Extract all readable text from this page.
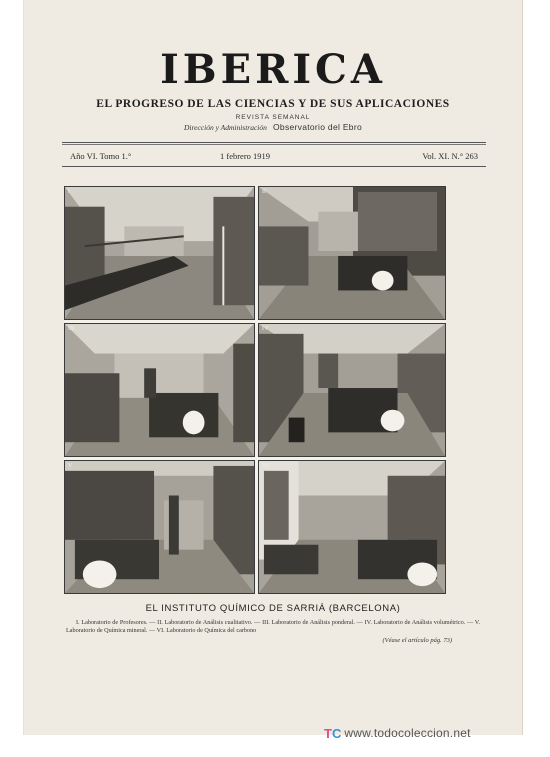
IBERICA
EL PROGRESO DE LAS CIENCIAS Y DE SUS APLICACIONES
REVISTA SEMANAL
Dirección y Administración Observatorio del Ebro
Año VI. Tomo 1.°	1 febrero 1919	Vol. XI. N.° 263
I	II
III	IV
V	VI
EL INSTITUTO QUÍMICO DE SARRIÁ (BARCELONA)
I. Laboratorio de Profesores. — II. Laboratorio de Análisis cualitativo. — III. Laboratorio de Análisis ponderal. — IV. Laboratorio de Análisis volumétrico. — V. Laboratorio de Química mineral. — VI. Laboratorio de Química del carbono
(Véase el artículo pág. 73)
TC www.todocoleccion.net
